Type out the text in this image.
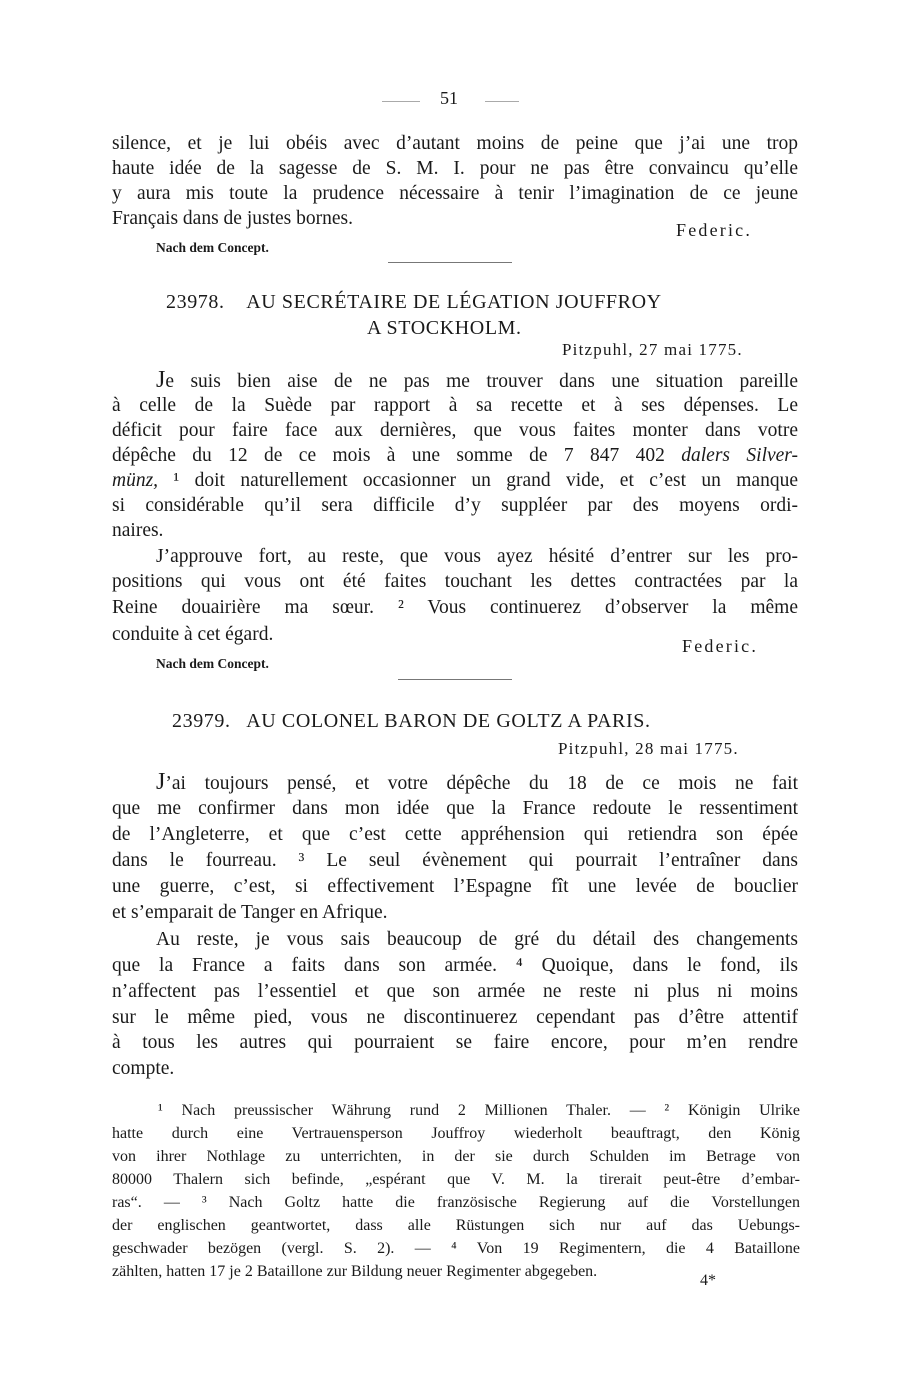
51
silence, et je lui obéis avec d’autant moins de peine que j’ai une trop
haute idée de la sagesse de S. M. I. pour ne pas être convaincu qu’elle
y aura mis toute la prudence nécessaire à tenir l’imagination de ce jeune
Français dans de justes bornes.
Federic.
Nach dem Concept.
23978. AU SECRÉTAIRE DE LÉGATION JOUFFROY
A STOCKHOLM.
Pitzpuhl, 27 mai 1775.
Je suis bien aise de ne pas me trouver dans une situation pareille
à celle de la Suède par rapport à sa recette et à ses dépenses. Le
déficit pour faire face aux dernières, que vous faites monter dans votre
dépêche du 12 de ce mois à une somme de 7 847 402 dalers Silver-
münz, ¹ doit naturellement occasionner un grand vide, et c’est un manque
si considérable qu’il sera difficile d’y suppléer par des moyens ordi-
naires.
J’approuve fort, au reste, que vous ayez hésité d’entrer sur les pro-
positions qui vous ont été faites touchant les dettes contractées par la
Reine douairière ma sœur. ² Vous continuerez d’observer la même
conduite à cet égard.
Federic.
Nach dem Concept.
23979. AU COLONEL BARON DE GOLTZ A PARIS.
Pitzpuhl, 28 mai 1775.
J’ai toujours pensé, et votre dépêche du 18 de ce mois ne fait
que me confirmer dans mon idée que la France redoute le ressentiment
de l’Angleterre, et que c’est cette appréhension qui retiendra son épée
dans le fourreau. ³ Le seul évènement qui pourrait l’entraîner dans
une guerre, c’est, si effectivement l’Espagne fît une levée de bouclier
et s’emparait de Tanger en Afrique.
Au reste, je vous sais beaucoup de gré du détail des changements
que la France a faits dans son armée. ⁴ Quoique, dans le fond, ils
n’affectent pas l’essentiel et que son armée ne reste ni plus ni moins
sur le même pied, vous ne discontinuerez cependant pas d’être attentif
à tous les autres qui pourraient se faire encore, pour m’en rendre
compte.
¹ Nach preussischer Währung rund 2 Millionen Thaler. — ² Königin Ulrike
hatte durch eine Vertrauensperson Jouffroy wiederholt beauftragt, den König
von ihrer Nothlage zu unterrichten, in der sie durch Schulden im Betrage von
80000 Thalern sich befinde, „espérant que V. M. la tirerait peut-être d’embar-
ras“. — ³ Nach Goltz hatte die französische Regierung auf die Vorstellungen
der englischen geantwortet, dass alle Rüstungen sich nur auf das Uebungs-
geschwader bezögen (vergl. S. 2). — ⁴ Von 19 Regimentern, die 4 Bataillone
zählten, hatten 17 je 2 Bataillone zur Bildung neuer Regimenter abgegeben.
4*
